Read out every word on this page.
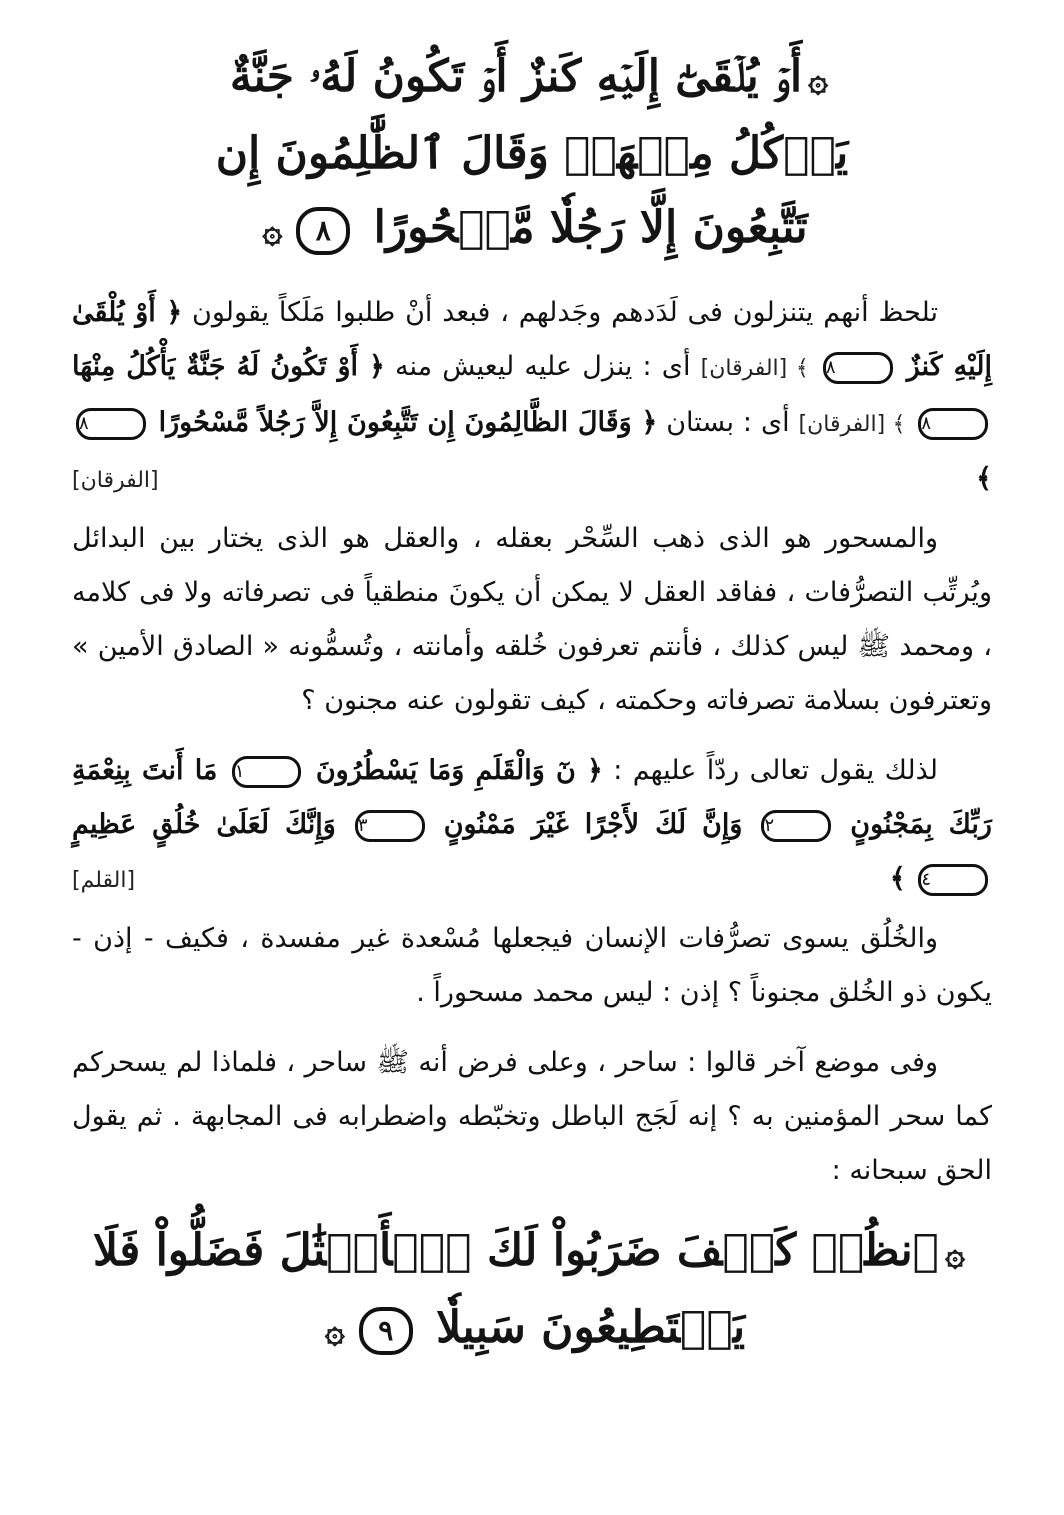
۞أَوۡ يُلۡقَىٰٓ إِلَيۡهِ كَنزٌ أَوۡ تَكُونُ لَهُۥ جَنَّةٌ
يَأۡكُلُ مِنۡهَاۚ وَقَالَ ٱلظَّٰلِمُونَ إِن
تَتَّبِعُونَ إِلَّا رَجُلٗا مَّسۡحُورًا ٨۞

تلحظ أنهم يتنزلون فى لَدَدهم وجَدلهم ، فبعد أنْ طلبوا مَلَكاً يقولون ﴿ أَوْ يُلْقَىٰ إِلَيْهِ كَنزٌ ٨ ﴾ [الفرقان] أى : ينزل عليه ليعيش منه ﴿ أَوْ تَكُونُ لَهُ جَنَّةٌ يَأْكُلُ مِنْهَا ٨ ﴾ [الفرقان] أى : بستان ﴿ وَقَالَ الظَّالِمُونَ إِن تَتَّبِعُونَ إِلاَّ رَجُلاً مَّسْحُورًا ٨ ﴾
[الفرقان]

والمسحور هو الذى ذهب السِّحْر بعقله ، والعقل هو الذى يختار بين البدائل ويُرتِّب التصرُّفات ، ففاقد العقل لا يمكن أن يكونَ منطقياً فى تصرفاته ولا فى كلامه ، ومحمد ﷺ ليس كذلك ، فأنتم تعرفون خُلقه وأمانته ، وتُسمُّونه « الصادق الأمين » وتعترفون بسلامة تصرفاته وحكمته ، كيف تقولون عنه مجنون ؟

لذلك يقول تعالى ردّاً عليهم : ﴿ نٓ وَالْقَلَمِ وَمَا يَسْطُرُونَ ١ مَا أَنتَ بِنِعْمَةِ رَبِّكَ بِمَجْنُونٍ ٢ وَإِنَّ لَكَ لأَجْرًا غَيْرَ مَمْنُونٍ ٣ وَإِنَّكَ لَعَلَىٰ خُلُقٍ عَظِيمٍ ٤ ﴾
[القلم]

والخُلُق يسوى تصرُّفات الإنسان فيجعلها مُسْعدة غير مفسدة ، فكيف - إذن - يكون ذو الخُلق مجنوناً ؟ إذن : ليس محمد مسحوراً .

وفى موضع آخر قالوا : ساحر ، وعلى فرض أنه ﷺ ساحر ، فلماذا لم يسحركم كما سحر المؤمنين به ؟ إنه لَجَج الباطل وتخبّطه واضطرابه فى المجابهة . ثم يقول الحق سبحانه :

۞ٱنظُرۡ كَيۡفَ ضَرَبُواْ لَكَ ٱلۡأَمۡثَٰلَ فَضَلُّواْ فَلَا
يَسۡتَطِيعُونَ سَبِيلٗا ٩۞
